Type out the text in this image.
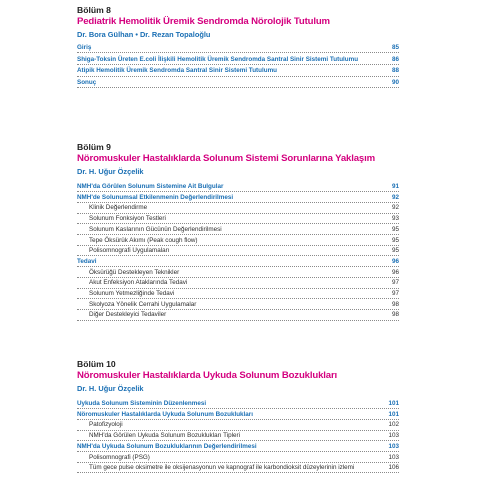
Bölüm 8
Pediatrik Hemolitik Üremik Sendromda Nörolojik Tutulum
Dr. Bora Gülhan • Dr. Rezan Topaloğlu
Giriş	85
Shiga-Toksin Üreten E.coli İlişkili Hemolitik Üremik Sendromda Santral Sinir Sistemi Tutulumu	86
Atipik Hemolitik Üremik Sendromda Santral Sinir Sistemi Tutulumu	88
Sonuç	90
Bölüm 9
Nöromuskuler Hastalıklarda Solunum Sistemi Sorunlarına Yaklaşım
Dr. H. Uğur Özçelik
NMH'da Görülen Solunum Sistemine Ait Bulgular	91
NMH'de Solunumsal Etkilenmenin Değerlendirilmesi	92
Klinik Değerlendirme	92
Solunum Fonksiyon Testleri	93
Solunum Kaslarının Gücünün Değerlendirilmesi	95
Tepe Öksürük Akımı (Peak cough flow)	95
Polisomnografi Uygulamaları	95
Tedavi	96
Öksürüğü Destekleyen Teknikler	96
Akut Enfeksiyon Ataklarında Tedavi	97
Solunum Yetmezliğinde Tedavi	97
Skolyoza Yönelik Cerrahi Uygulamalar	98
Diğer Destekleyici Tedaviler	98
Bölüm 10
Nöromuskuler Hastalıklarda Uykuda Solunum Bozuklukları
Dr. H. Uğur Özçelik
Uykuda Solunum Sisteminin Düzenlenmesi	101
Nöromuskuler Hastalıklarda Uykuda Solunum Bozuklukları	101
Patofizyoloji	102
NMH'da Görülen Uykuda Solunum Bozuklukları Tipleri	103
NMH'da Uykuda Solunum Bozukluklarının Değerlendirilmesi	103
Polisomnografi (PSG)	103
Tüm gece pulse oksimetre ile oksijenasyonun ve kapnograf ile karbondioksit düzeylerinin izlemi	106
